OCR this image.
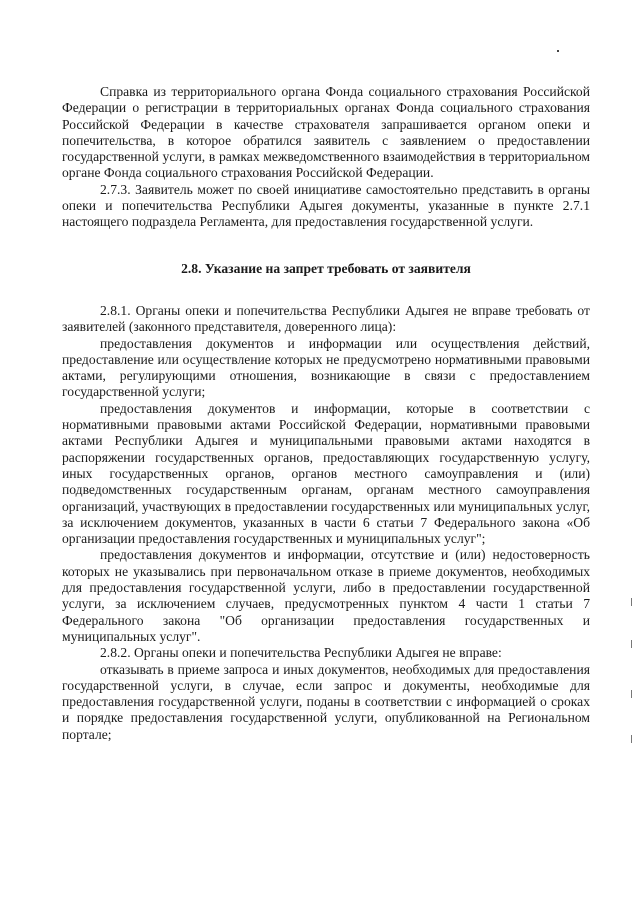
Справка из территориального органа Фонда социального страхования Российской Федерации о регистрации в территориальных органах Фонда социального страхования Российской Федерации в качестве страхователя запрашивается органом опеки и попечительства, в которое обратился заявитель с заявлением о предоставлении государственной услуги, в рамках межведомственного взаимодействия в территориальном органе Фонда социального страхования Российской Федерации.

2.7.3. Заявитель может по своей инициативе самостоятельно представить в органы опеки и попечительства Республики Адыгея документы, указанные в пункте 2.7.1 настоящего подраздела Регламента, для предоставления государственной услуги.

2.8. Указание на запрет требовать от заявителя

2.8.1. Органы опеки и попечительства Республики Адыгея не вправе требовать от заявителей (законного представителя, доверенного лица):

предоставления документов и информации или осуществления действий, предоставление или осуществление которых не предусмотрено нормативными правовыми актами, регулирующими отношения, возникающие в связи с предоставлением государственной услуги;

предоставления документов и информации, которые в соответствии с нормативными правовыми актами Российской Федерации, нормативными правовыми актами Республики Адыгея и муниципальными правовыми актами находятся в распоряжении государственных органов, предоставляющих государственную услугу, иных государственных органов, органов местного самоуправления и (или) подведомственных государственным органам, органам местного самоуправления организаций, участвующих в предоставлении государственных или муниципальных услуг, за исключением документов, указанных в части 6 статьи 7 Федерального закона «Об организации предоставления государственных и муниципальных услуг";

предоставления документов и информации, отсутствие и (или) недостоверность которых не указывались при первоначальном отказе в приеме документов, необходимых для предоставления государственной услуги, либо в предоставлении государственной услуги, за исключением случаев, предусмотренных пунктом 4 части 1 статьи 7 Федерального закона "Об организации предоставления государственных и муниципальных услуг".

2.8.2. Органы опеки и попечительства Республики Адыгея не вправе:

отказывать в приеме запроса и иных документов, необходимых для предоставления государственной услуги, в случае, если запрос и документы, необходимые для предоставления государственной услуги, поданы в соответствии с информацией о сроках и порядке предоставления государственной услуги, опубликованной на Региональном портале;
